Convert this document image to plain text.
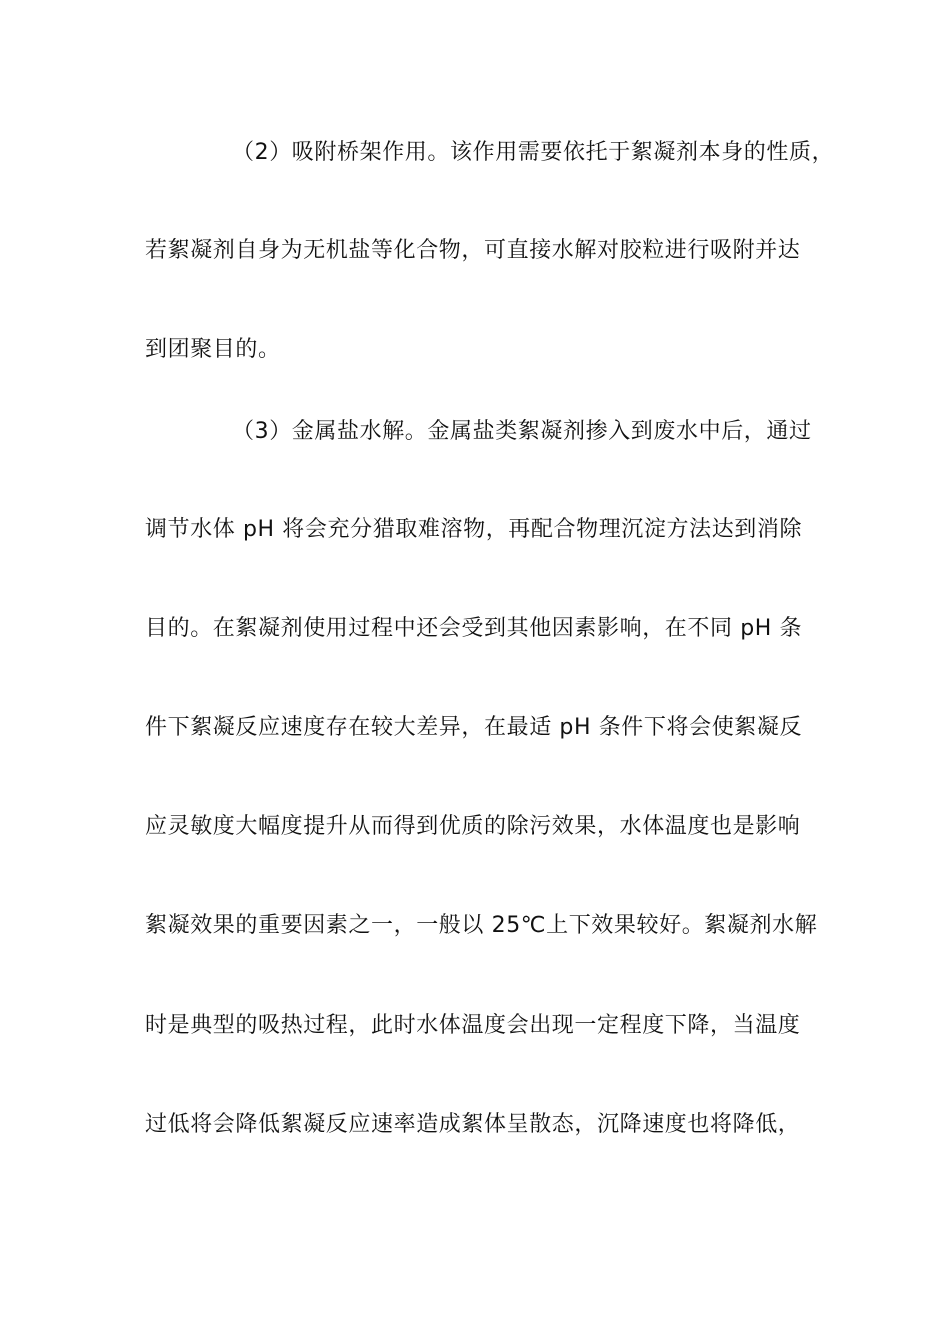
（2）吸附桥架作用。该作用需要依托于絮凝剂本身的性质，
若絮凝剂自身为无机盐等化合物，可直接水解对胶粒进行吸附并达
到团聚目的。
（3）金属盐水解。金属盐类絮凝剂掺入到废水中后，通过
调节水体 pH 将会充分猎取难溶物，再配合物理沉淀方法达到消除
目的。在絮凝剂使用过程中还会受到其他因素影响，在不同 pH 条
件下絮凝反应速度存在较大差异，在最适 pH 条件下将会使絮凝反
应灵敏度大幅度提升从而得到优质的除污效果，水体温度也是影响
絮凝效果的重要因素之一，一般以 25℃上下效果较好。絮凝剂水解
时是典型的吸热过程，此时水体温度会出现一定程度下降，当温度
过低将会降低絮凝反应速率造成絮体呈散态，沉降速度也将降低，
